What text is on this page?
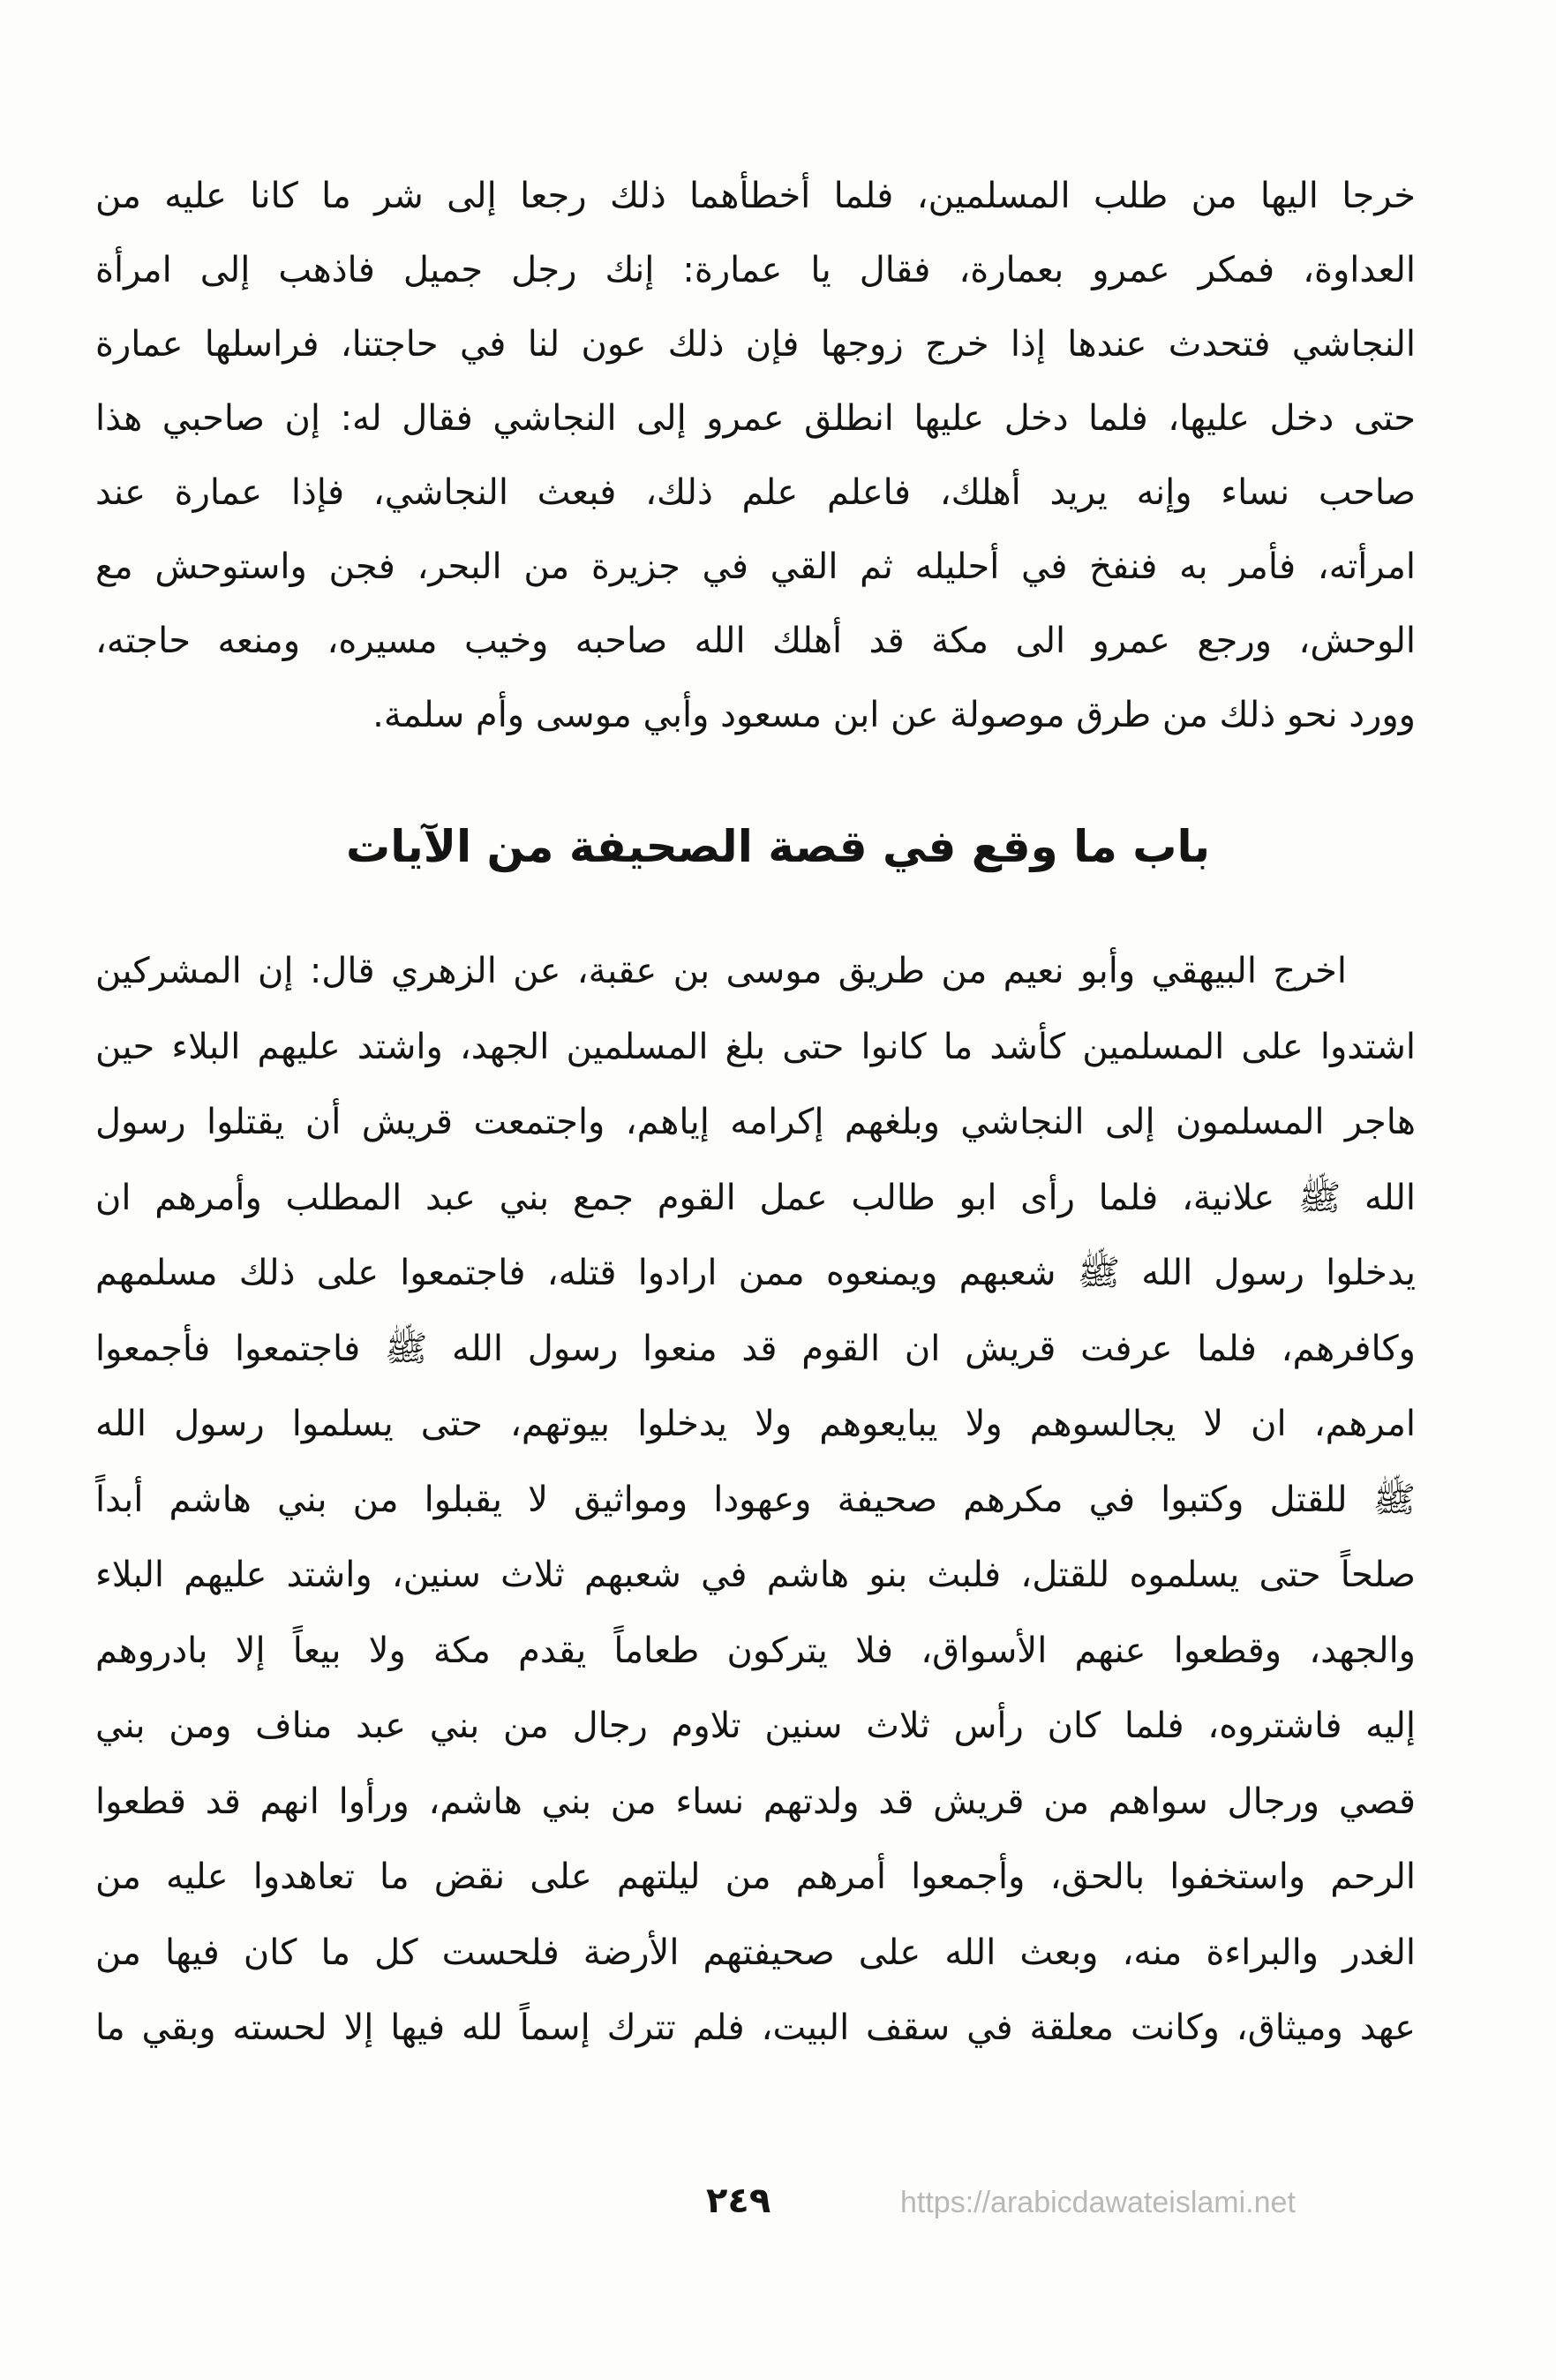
خرجا اليها من طلب المسلمين، فلما أخطأهما ذلك رجعا إلى شر ما كانا عليه من
العداوة، فمكر عمرو بعمارة، فقال يا عمارة: إنك رجل جميل فاذهب إلى امرأة
النجاشي فتحدث عندها إذا خرج زوجها فإن ذلك عون لنا في حاجتنا، فراسلها عمارة
حتى دخل عليها، فلما دخل عليها انطلق عمرو إلى النجاشي فقال له: إن صاحبي هذا
صاحب نساء وإنه يريد أهلك، فاعلم علم ذلك، فبعث النجاشي، فإذا عمارة عند
امرأته، فأمر به فنفخ في أحليله ثم القي في جزيرة من البحر، فجن واستوحش مع
الوحش، ورجع عمرو الى مكة قد أهلك الله صاحبه وخيب مسيره، ومنعه حاجته،
وورد نحو ذلك من طرق موصولة عن ابن مسعود وأبي موسى وأم سلمة.
باب ما وقع في قصة الصحيفة من الآيات
اخرج البيهقي وأبو نعيم من طريق موسى بن عقبة، عن الزهري قال: إن المشركين
اشتدوا على المسلمين كأشد ما كانوا حتى بلغ المسلمين الجهد، واشتد عليهم البلاء حين
هاجر المسلمون إلى النجاشي وبلغهم إكرامه إياهم، واجتمعت قريش أن يقتلوا رسول
الله ﷺ علانية، فلما رأى ابو طالب عمل القوم جمع بني عبد المطلب وأمرهم ان
يدخلوا رسول الله ﷺ شعبهم ويمنعوه ممن ارادوا قتله، فاجتمعوا على ذلك مسلمهم
وكافرهم، فلما عرفت قريش ان القوم قد منعوا رسول الله ﷺ فاجتمعوا فأجمعوا
امرهم، ان لا يجالسوهم ولا يبايعوهم ولا يدخلوا بيوتهم، حتى يسلموا رسول الله
ﷺ للقتل وكتبوا في مكرهم صحيفة وعهودا ومواثيق لا يقبلوا من بني هاشم أبداً
صلحاً حتى يسلموه للقتل، فلبث بنو هاشم في شعبهم ثلاث سنين، واشتد عليهم البلاء
والجهد، وقطعوا عنهم الأسواق، فلا يتركون طعاماً يقدم مكة ولا بيعاً إلا بادروهم
إليه فاشتروه، فلما كان رأس ثلاث سنين تلاوم رجال من بني عبد مناف ومن بني
قصي ورجال سواهم من قريش قد ولدتهم نساء من بني هاشم، ورأوا انهم قد قطعوا
الرحم واستخفوا بالحق، وأجمعوا أمرهم من ليلتهم على نقض ما تعاهدوا عليه من
الغدر والبراءة منه، وبعث الله على صحيفتهم الأرضة فلحست كل ما كان فيها من
عهد وميثاق، وكانت معلقة في سقف البيت، فلم تترك إسماً لله فيها إلا لحسته وبقي ما
٢٤٩	https://arabicdawateislami.net
